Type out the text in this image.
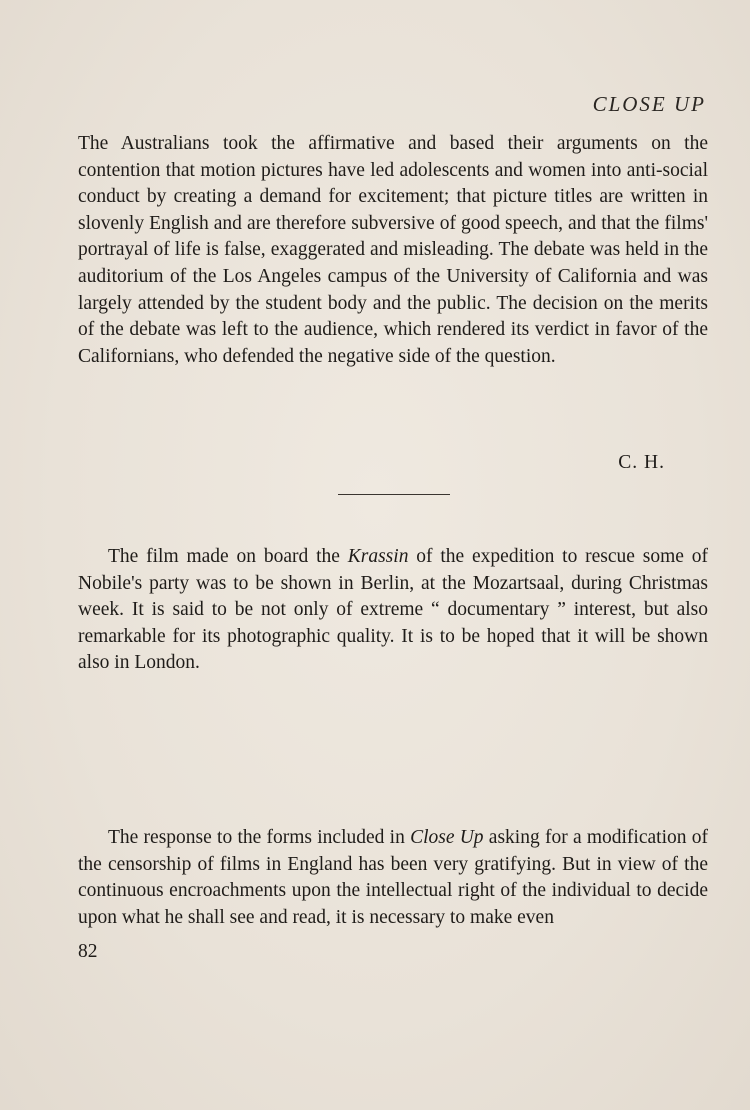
CLOSE UP

The Australians took the affirmative and based their arguments on the contention that motion pictures have led adolescents and women into anti-social conduct by creating a demand for excitement; that picture titles are written in slovenly English and are therefore subversive of good speech, and that the films' portrayal of life is false, exaggerated and misleading. The debate was held in the auditorium of the Los Angeles campus of the University of California and was largely attended by the student body and the public. The decision on the merits of the debate was left to the audience, which rendered its verdict in favor of the Californians, who defended the negative side of the question.

C. H.
The film made on board the Krassin of the expedition to rescue some of Nobile's party was to be shown in Berlin, at the Mozartsaal, during Christmas week. It is said to be not only of extreme “ documentary ” interest, but also remarkable for its photographic quality. It is to be hoped that it will be shown also in London.
The response to the forms included in Close Up asking for a modification of the censorship of films in England has been very gratifying. But in view of the continuous encroachments upon the intellectual right of the individual to decide upon what he shall see and read, it is necessary to make even
82
